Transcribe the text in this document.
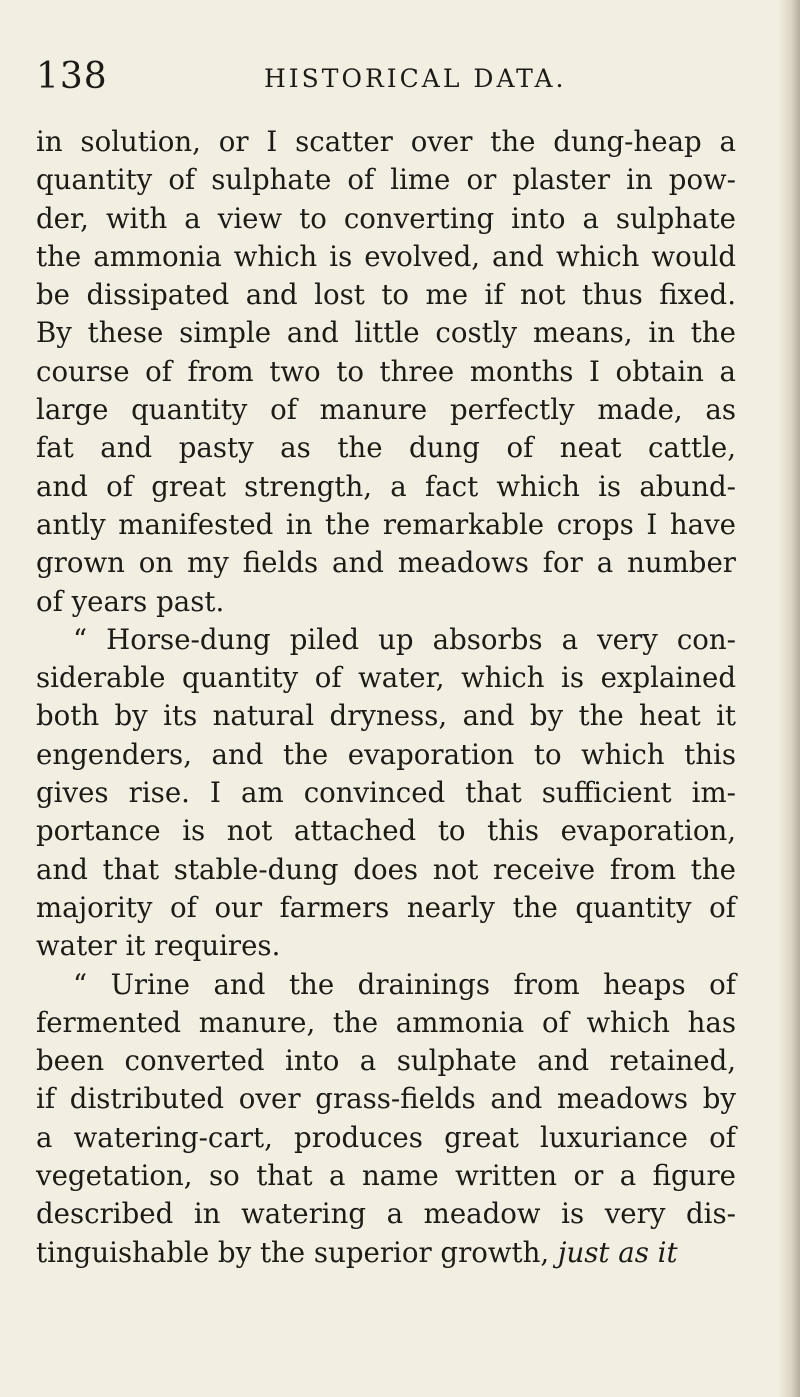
138	HISTORICAL DATA.
in solution, or I scatter over the dung-heap a
quantity of sulphate of lime or plaster in pow-
der, with a view to converting into a sulphate
the ammonia which is evolved, and which would
be dissipated and lost to me if not thus fixed.
By these simple and little costly means, in the
course of from two to three months I obtain a
large quantity of manure perfectly made, as
fat and pasty as the dung of neat cattle,
and of great strength, a fact which is abund-
antly manifested in the remarkable crops I have
grown on my fields and meadows for a number
of years past.
“ Horse-dung piled up absorbs a very con-
siderable quantity of water, which is explained
both by its natural dryness, and by the heat it
engenders, and the evaporation to which this
gives rise. I am convinced that sufficient im-
portance is not attached to this evaporation,
and that stable-dung does not receive from the
majority of our farmers nearly the quantity of
water it requires.
“ Urine and the drainings from heaps of
fermented manure, the ammonia of which has
been converted into a sulphate and retained,
if distributed over grass-fields and meadows by
a watering-cart, produces great luxuriance of
vegetation, so that a name written or a figure
described in watering a meadow is very dis-
tinguishable by the superior growth, just as it
